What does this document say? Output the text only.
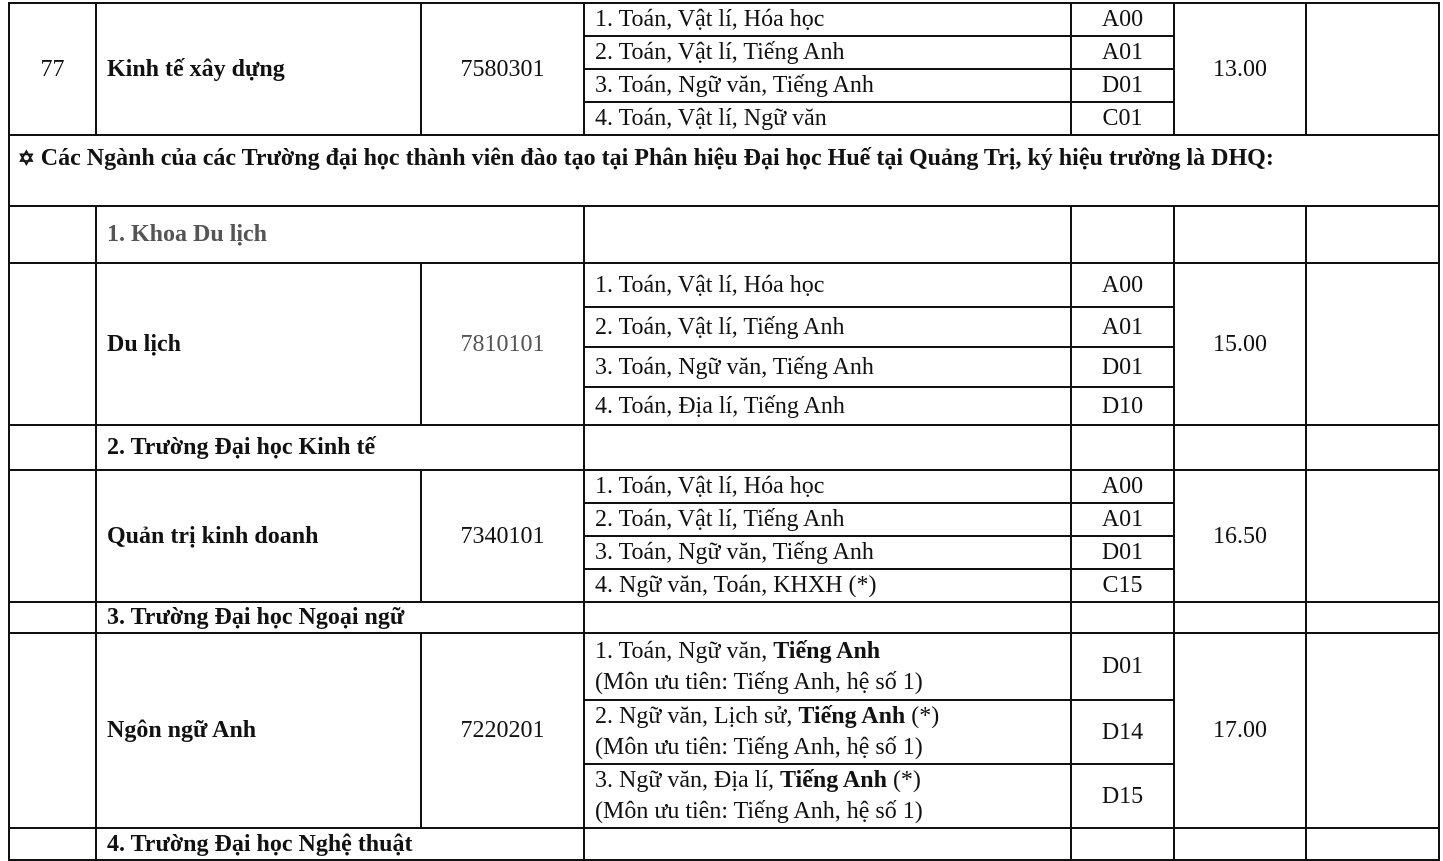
77	Kinh tế xây dựng	7580301	1. Toán, Vật lí, Hóa học	A00	13.00	
			2. Toán, Vật lí, Tiếng Anh	A01		
			3. Toán, Ngữ văn, Tiếng Anh	D01		
			4. Toán, Vật lí, Ngữ văn	C01		
✡ Các Ngành của các Trường đại học thành viên đào tạo tại Phân hiệu Đại học Huế tại Quảng Trị, ký hiệu trường là DHQ:						
	1. Khoa Du lịch					
	Du lịch	7810101	1. Toán, Vật lí, Hóa học	A00	15.00	
			2. Toán, Vật lí, Tiếng Anh	A01		
			3. Toán, Ngữ văn, Tiếng Anh	D01		
			4. Toán, Địa lí, Tiếng Anh	D10		
	2. Trường Đại học Kinh tế					
	Quản trị kinh doanh	7340101	1. Toán, Vật lí, Hóa học	A00	16.50	
			2. Toán, Vật lí, Tiếng Anh	A01		
			3. Toán, Ngữ văn, Tiếng Anh	D01		
			4. Ngữ văn, Toán, KHXH (*)	C15		
	3. Trường Đại học Ngoại ngữ					
	Ngôn ngữ Anh	7220201	1. Toán, Ngữ văn, Tiếng Anh
(Môn ưu tiên: Tiếng Anh, hệ số 1)	D01	17.00	
			2. Ngữ văn, Lịch sử, Tiếng Anh (*)
(Môn ưu tiên: Tiếng Anh, hệ số 1)	D14		
			3. Ngữ văn, Địa lí, Tiếng Anh (*)
(Môn ưu tiên: Tiếng Anh, hệ số 1)	D15		
	4. Trường Đại học Nghệ thuật					
